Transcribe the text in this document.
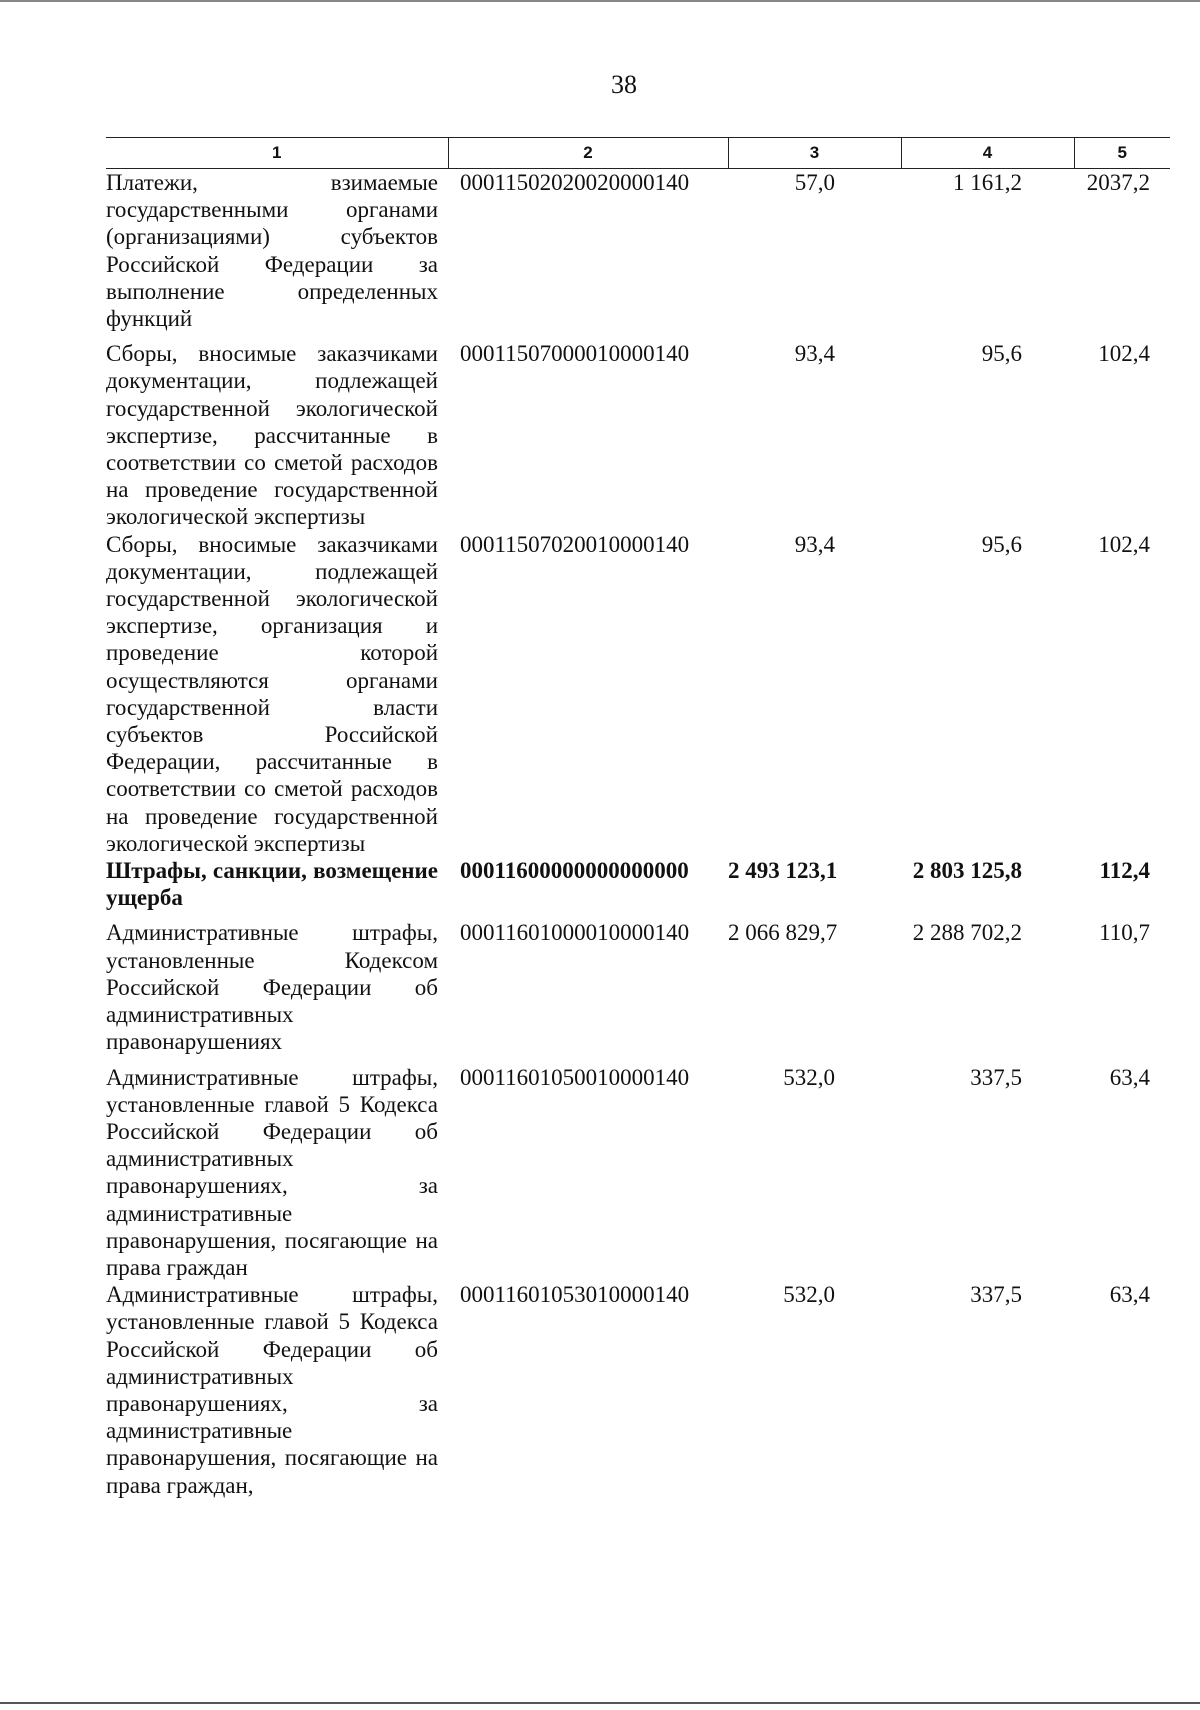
38
1	2	3	4	5
Платежи, взимаемые государственными органами (организациями) субъектов Российской Федерации за выполнение определенных функций	00011502020020000140	57,0	1 161,2	2037,2
Сборы, вносимые заказчиками документации, подлежащей государственной экологической экспертизе, рассчитанные в соответствии со сметой расходов на проведение государственной экологической экспертизы	00011507000010000140	93,4	95,6	102,4
Сборы, вносимые заказчиками документации, подлежащей государственной экологической экспертизе, организация и проведение которой осуществляются органами государственной власти субъектов Российской Федерации, рассчитанные в соответствии со сметой расходов на проведение государственной экологической экспертизы	00011507020010000140	93,4	95,6	102,4
Штрафы, санкции, возмещение ущерба	00011600000000000000	2 493 123,1	2 803 125,8	112,4
Административные штрафы, установленные Кодексом Российской Федерации об административных правонарушениях	00011601000010000140	2 066 829,7	2 288 702,2	110,7
Административные штрафы, установленные главой 5 Кодекса Российской Федерации об административных правонарушениях, за административные правонарушения, посягающие на права граждан	00011601050010000140	532,0	337,5	63,4
Административные штрафы, установленные главой 5 Кодекса Российской Федерации об административных правонарушениях, за административные правонарушения, посягающие на права граждан,	00011601053010000140	532,0	337,5	63,4
